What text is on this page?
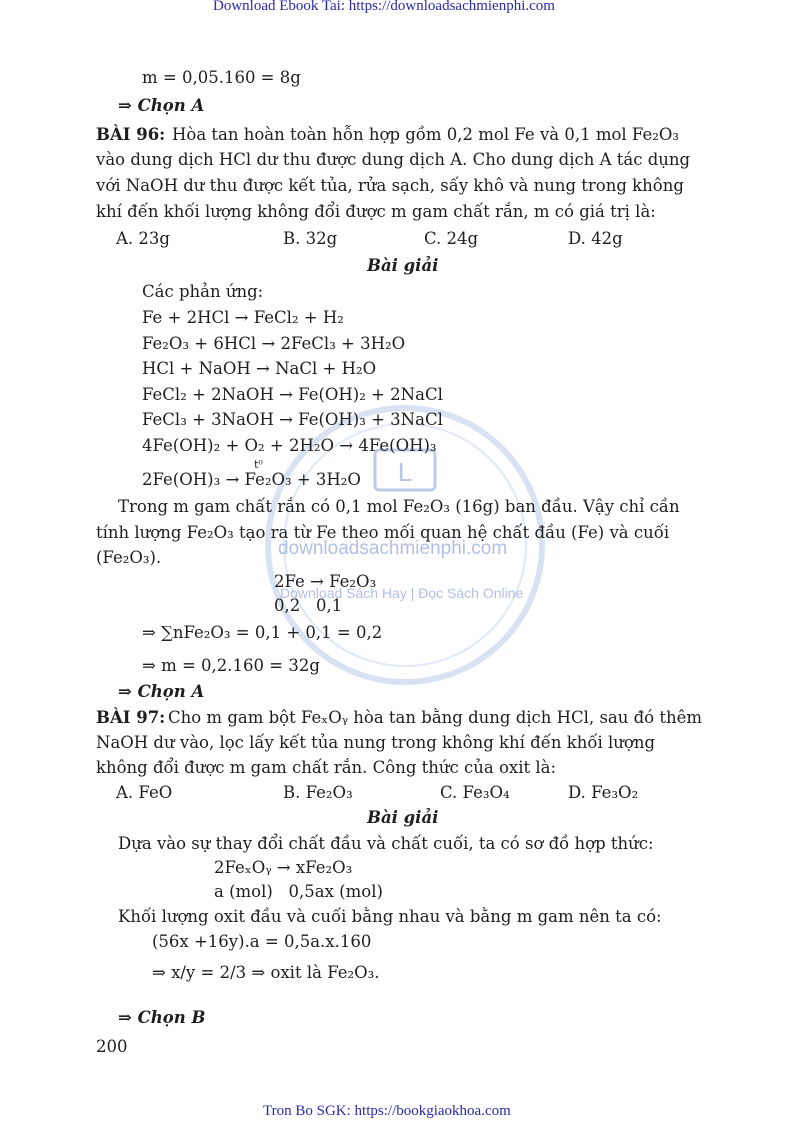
L
downloadsachmienphi.com
Download Sách Hay | Đọc Sách Online
Download Ebook Tai: https://downloadsachmienphi.com
Tron Bo SGK: https://bookgiaokhoa.com
m = 0,05.160 = 8g
⇒ Chọn A
BÀI 96: Hòa tan hoàn toàn hỗn hợp gồm 0,2 mol Fe và 0,1 mol Fe₂O₃
vào dung dịch HCl dư thu được dung dịch A. Cho dung dịch A tác dụng
với NaOH dư thu được kết tủa, rửa sạch, sấy khô và nung trong không
khí đến khối lượng không đổi được m gam chất rắn, m có giá trị là:
A. 23g	B. 32g	C. 24g	D. 42g
Bài giải
Các phản ứng:
Fe + 2HCl → FeCl₂ + H₂
Fe₂O₃ + 6HCl → 2FeCl₃ + 3H₂O
HCl + NaOH → NaCl + H₂O
FeCl₂ + 2NaOH → Fe(OH)₂ + 2NaCl
FeCl₃ + 3NaOH → Fe(OH)₃ + 3NaCl
4Fe(OH)₂ + O₂ + 2H₂O → 4Fe(OH)₃
t⁰
2Fe(OH)₃ → Fe₂O₃ + 3H₂O
Trong m gam chất rắn có 0,1 mol Fe₂O₃ (16g) ban đầu. Vậy chỉ cần
tính lượng Fe₂O₃ tạo ra từ Fe theo mối quan hệ chất đầu (Fe) và cuối
(Fe₂O₃).
2Fe → Fe₂O₃
0,2   0,1
⇒ ∑nFe₂O₃ = 0,1 + 0,1 = 0,2
⇒ m = 0,2.160 = 32g
⇒ Chọn A
BÀI 97: Cho m gam bột FeₓOᵧ hòa tan bằng dung dịch HCl, sau đó thêm
NaOH dư vào, lọc lấy kết tủa nung trong không khí đến khối lượng
không đổi được m gam chất rắn. Công thức của oxit là:
A. FeO	B. Fe₂O₃	C. Fe₃O₄	D. Fe₃O₂
Bài giải
Dựa vào sự thay đổi chất đầu và chất cuối, ta có sơ đồ hợp thức:
2FeₓOᵧ → xFe₂O₃
a (mol)   0,5ax (mol)
Khối lượng oxit đầu và cuối bằng nhau và bằng m gam nên ta có:
(56x +16y).a = 0,5a.x.160
⇒ x/y = 2/3 ⇒ oxit là Fe₂O₃.
⇒ Chọn B
200
